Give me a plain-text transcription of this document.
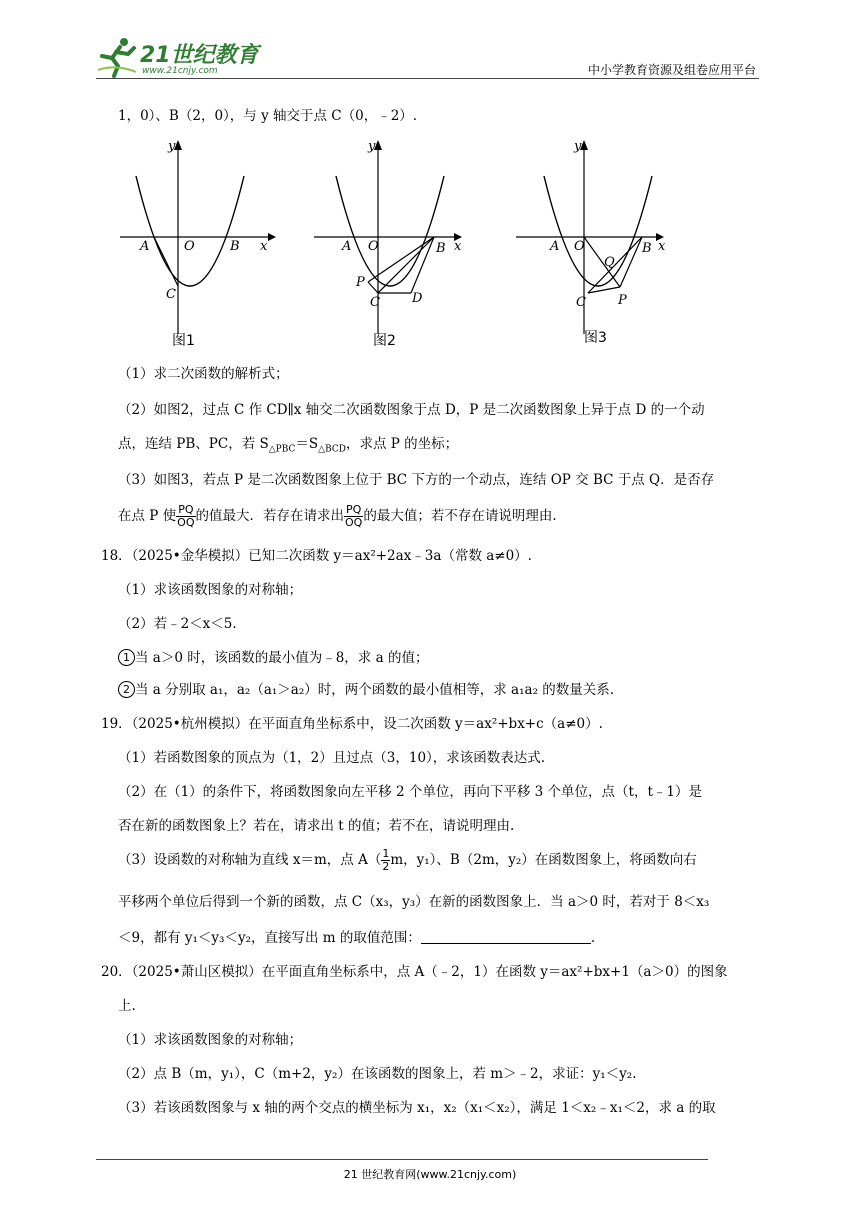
21世纪教育
www.21cnjy.com	中小学教育资源及组卷应用平台
1，0）、B（2，0），与 y 轴交于点 C（0，﹣2）.
y
x
A	O	B
C
y
x
A O	B
P
C D
y
x
A O	B
Q
C P
图1	图2	图3
（1）求二次函数的解析式；
（2）如图2，过点 C 作 CD∥x 轴交二次函数图象于点 D，P 是二次函数图象上异于点 D 的一个动
点，连结 PB、PC，若 $S_{\triangle PBC}=S_{\triangle BCD}$，求点 P 的坐标；
（3）如图3，若点 P 是二次函数图象上位于 BC 下方的一个动点，连结 OP 交 BC 于点 Q．是否存
在点 P 使 $\frac{PQ}{OQ}$ 的值最大．若存在请求出 $\frac{PQ}{OQ}$ 的最大值；若不存在请说明理由.
18．（2025•金华模拟）已知二次函数 y＝ax²+2ax﹣3a（常数 a≠0）.
（1）求该函数图象的对称轴；
（2）若﹣2＜x＜5.
1 当 a＞0 时，该函数的最小值为﹣8，求 a 的值；
2 当 a 分别取 a₁，a₂（a₁＞a₂）时，两个函数的最小值相等，求 a₁a₂ 的数量关系.
19．（2025•杭州模拟）在平面直角坐标系中，设二次函数 y＝ax²+bx+c（a≠0）.
（1）若函数图象的顶点为（1，2）且过点（3，10），求该函数表达式.
（2）在（1）的条件下，将函数图象向左平移 2 个单位，再向下平移 3 个单位，点（t，t﹣1）是
否在新的函数图象上？若在，请求出 t 的值；若不在，请说明理由.
（3）设函数的对称轴为直线 x＝m，点 $A( \frac{1}{2}$ m，y₁）、B（2m，y₂）在函数图象上，将函数向右
平移两个单位后得到一个新的函数，点 C（x₃，y₃）在新的函数图象上．当 a＞0 时，若对于 8＜x₃
＜9，都有 y₁＜y₃＜y₂，直接写出 m 的取值范围：	.
20．（2025•萧山区模拟）在平面直角坐标系中，点 A（﹣2，1）在函数 y＝ax²+bx+1（a＞0）的图象
上.
（1）求该函数图象的对称轴；
（2）点 B（m，y₁），C（m+2，y₂）在该函数的图象上，若 m＞﹣2，求证：y₁＜y₂.
（3）若该函数图象与 x 轴的两个交点的横坐标为 x₁，x₂（x₁＜x₂），满足 1＜x₂﹣x₁＜2，求 a 的取
21 世纪教育网(www.21cnjy.com)
